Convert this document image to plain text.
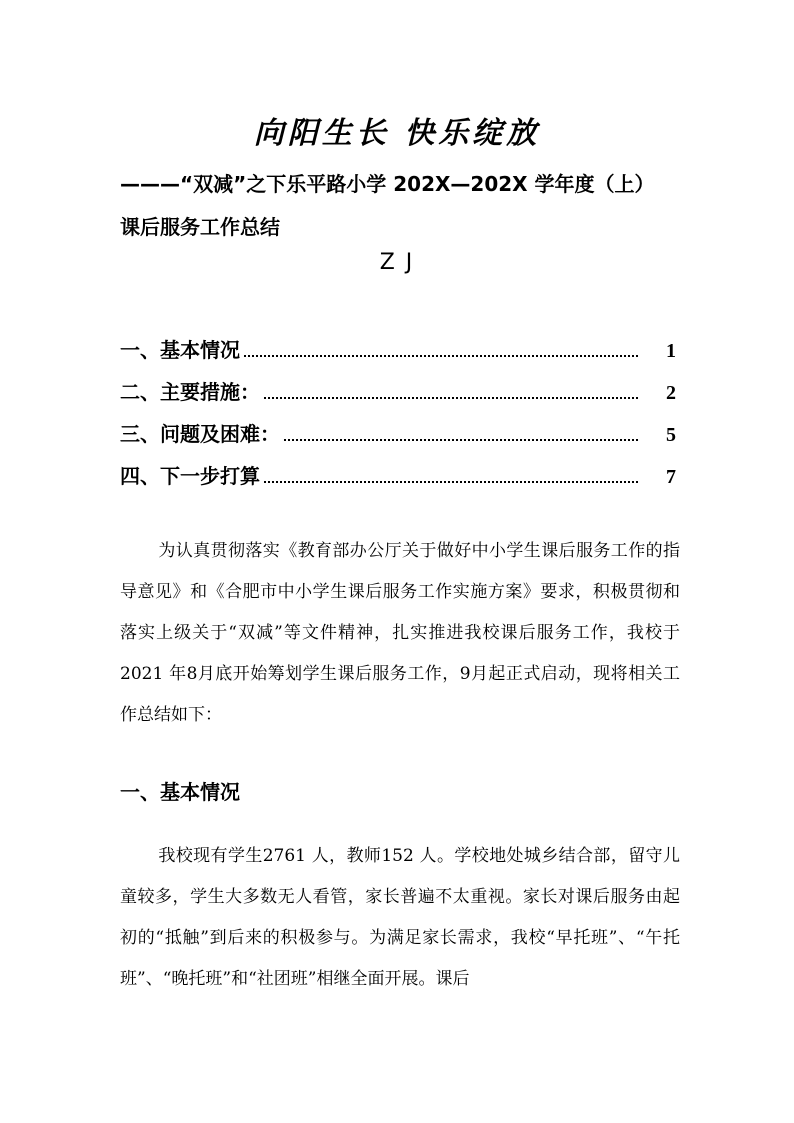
向阳生长 快乐绽放
———“双减”之下乐平路小学 202X—202X 学年度（上）
课后服务工作总结
Z J
一、基本情况	1
二、主要措施：	2
三、问题及困难：	5
四、下一步打算	7

为认真贯彻落实《教育部办公厅关于做好中小学生课后服务工作的指导意见》和《合肥市中小学生课后服务工作实施方案》要求，积极贯彻和落实上级关于“双减”等文件精神，扎实推进我校课后服务工作，我校于2021 年8月底开始筹划学生课后服务工作，9月起正式启动，现将相关工作总结如下：

一、基本情况

我校现有学生2761 人，教师152 人。学校地处城乡结合部，留守儿童较多，学生大多数无人看管，家长普遍不太重视。家长对课后服务由起初的“抵触”到后来的积极参与。为满足家长需求，我校“早托班”、“午托班”、“晚托班”和“社团班”相继全面开展。课后
